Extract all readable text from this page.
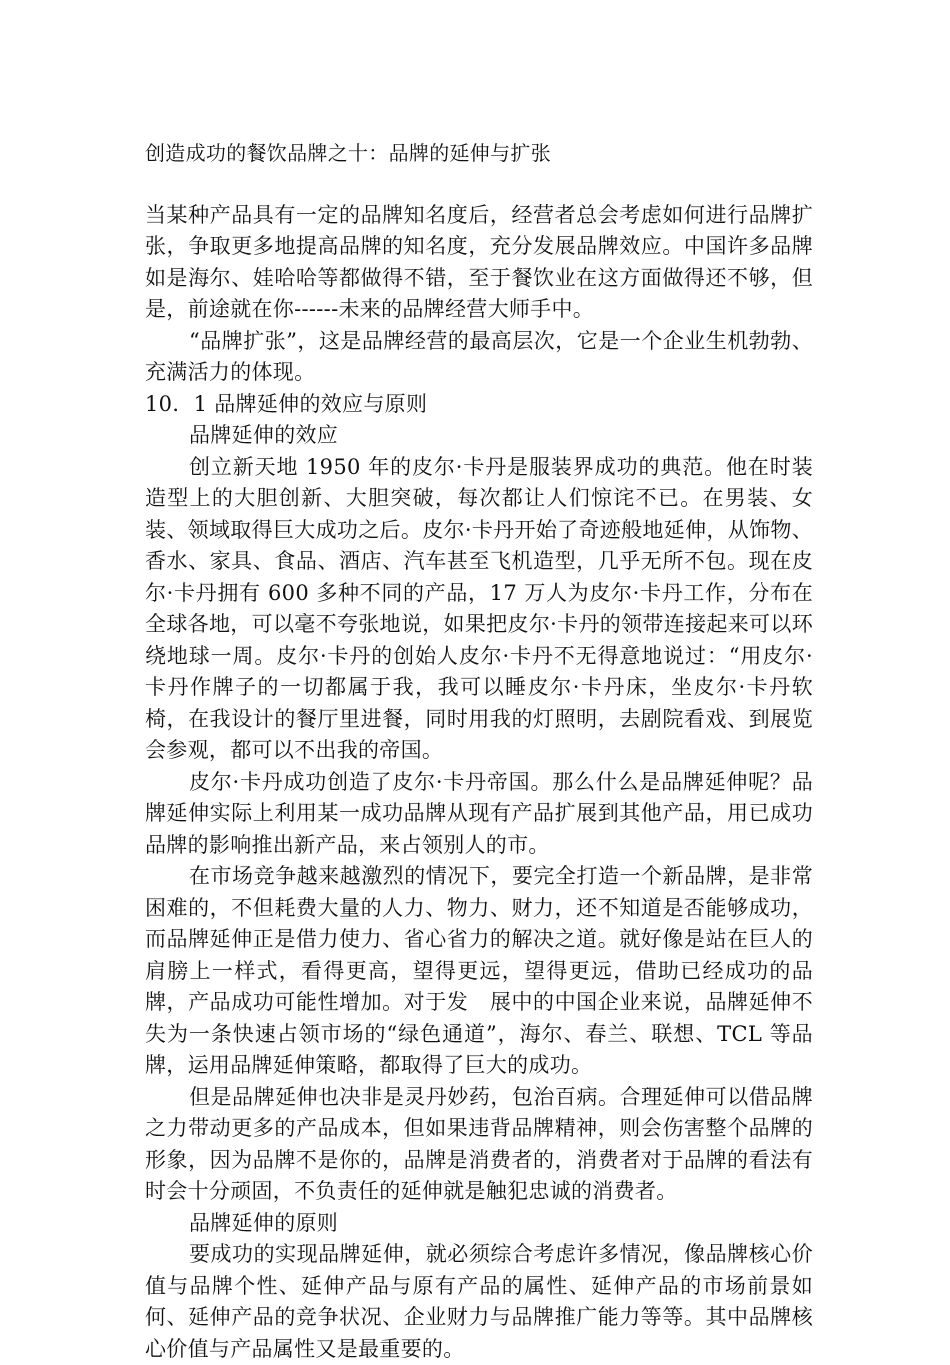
创造成功的餐饮品牌之十：品牌的延伸与扩张

当某种产品具有一定的品牌知名度后，经营者总会考虑如何进行品牌扩张，争取更多地提高品牌的知名度，充分发展品牌效应。中国许多品牌如是海尔、娃哈哈等都做得不错，至于餐饮业在这方面做得还不够，但是，前途就在你------未来的品牌经营大师手中。

“品牌扩张”，这是品牌经营的最高层次，它是一个企业生机勃勃、充满活力的体现。

10．1 品牌延伸的效应与原则

品牌延伸的效应

创立新天地 1950 年的皮尔·卡丹是服装界成功的典范。他在时装造型上的大胆创新、大胆突破，每次都让人们惊诧不已。在男装、女装、领域取得巨大成功之后。皮尔·卡丹开始了奇迹般地延伸，从饰物、香水、家具、食品、酒店、汽车甚至飞机造型，几乎无所不包。现在皮尔·卡丹拥有 600 多种不同的产品，17 万人为皮尔·卡丹工作，分布在全球各地，可以毫不夸张地说，如果把皮尔·卡丹的领带连接起来可以环绕地球一周。皮尔·卡丹的创始人皮尔·卡丹不无得意地说过：“用皮尔·卡丹作牌子的一切都属于我，我可以睡皮尔·卡丹床，坐皮尔·卡丹软椅，在我设计的餐厅里进餐，同时用我的灯照明，去剧院看戏、到展览会参观，都可以不出我的帝国。

皮尔·卡丹成功创造了皮尔·卡丹帝国。那么什么是品牌延伸呢？品牌延伸实际上利用某一成功品牌从现有产品扩展到其他产品，用已成功品牌的影响推出新产品，来占领别人的市。

在市场竞争越来越激烈的情况下，要完全打造一个新品牌，是非常困难的，不但耗费大量的人力、物力、财力，还不知道是否能够成功，而品牌延伸正是借力使力、省心省力的解决之道。就好像是站在巨人的肩膀上一样式，看得更高，望得更远，望得更远，借助已经成功的品牌，产品成功可能性增加。对于发　展中的中国企业来说，品牌延伸不失为一条快速占领市场的“绿色通道”，海尔、春兰、联想、TCL 等品牌，运用品牌延伸策略，都取得了巨大的成功。

但是品牌延伸也决非是灵丹妙药，包治百病。合理延伸可以借品牌之力带动更多的产品成本，但如果违背品牌精神，则会伤害整个品牌的形象，因为品牌不是你的，品牌是消费者的，消费者对于品牌的看法有时会十分顽固，不负责任的延伸就是触犯忠诚的消费者。

品牌延伸的原则

要成功的实现品牌延伸，就必须综合考虑许多情况，像品牌核心价值与品牌个性、延伸产品与原有产品的属性、延伸产品的市场前景如何、延伸产品的竞争状况、企业财力与品牌推广能力等等。其中品牌核心价值与产品属性又是最重要的。
